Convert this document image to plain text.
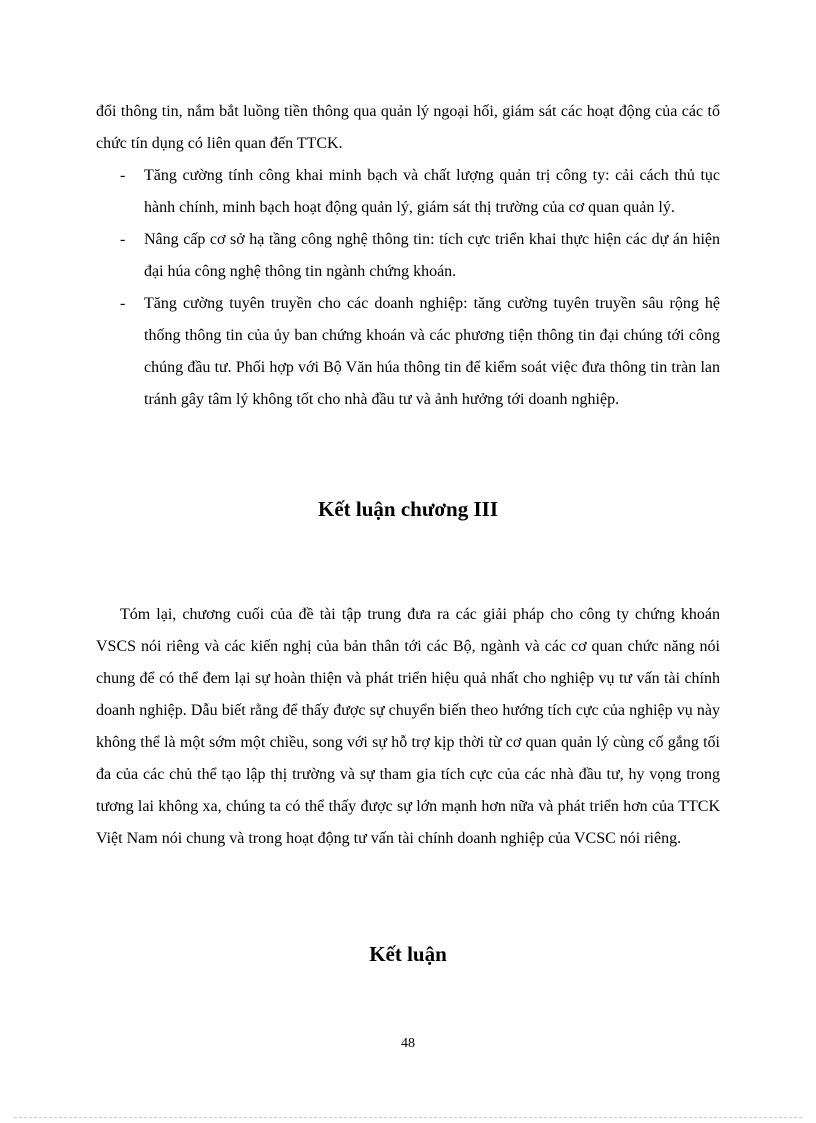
đổi thông tin, nắm bắt luồng tiền thông qua quản lý ngoại hối, giám sát các hoạt động của các tổ chức tín dụng có liên quan đến TTCK.

- Tăng cường tính công khai minh bạch và chất lượng quản trị công ty: cải cách thủ tục hành chính, minh bạch hoạt động quản lý, giám sát thị trường của cơ quan quản lý.
- Nâng cấp cơ sở hạ tầng công nghệ thông tin: tích cực triển khai thực hiện các dự án hiện đại húa công nghệ thông tin ngành chứng khoán.
- Tăng cường tuyên truyền cho các doanh nghiệp: tăng cường tuyên truyền sâu rộng hệ thống thông tin của ủy ban chứng khoán và các phương tiện thông tin đại chúng tới công chúng đầu tư. Phối hợp với Bộ Văn húa thông tin để kiểm soát việc đưa thông tin tràn lan tránh gây tâm lý không tốt cho nhà đầu tư và ảnh hưởng tới doanh nghiệp.
Kết luận chương III

Tóm lại, chương cuối của đề tài tập trung đưa ra các giải pháp cho công ty chứng khoán VSCS nói riêng và các kiến nghị của bản thân tới các Bộ, ngành và các cơ quan chức năng nói chung để có thể đem lại sự hoàn thiện và phát triển hiệu quả nhất cho nghiệp vụ tư vấn tài chính doanh nghiệp. Dẫu biết rằng để thấy được sự chuyển biến theo hướng tích cực của nghiệp vụ này không thể là một sớm một chiều, song với sự hỗ trợ kịp thời từ cơ quan quản lý cùng cố gắng tối đa của các chủ thể tạo lập thị trường và sự tham gia tích cực của các nhà đầu tư, hy vọng trong tương lai không xa, chúng ta có thể thấy được sự lớn mạnh hơn nữa và phát triển hơn của TTCK Việt Nam nói chung và trong hoạt động tư vấn tài chính doanh nghiệp của VCSC nói riêng.

Kết luận
48
